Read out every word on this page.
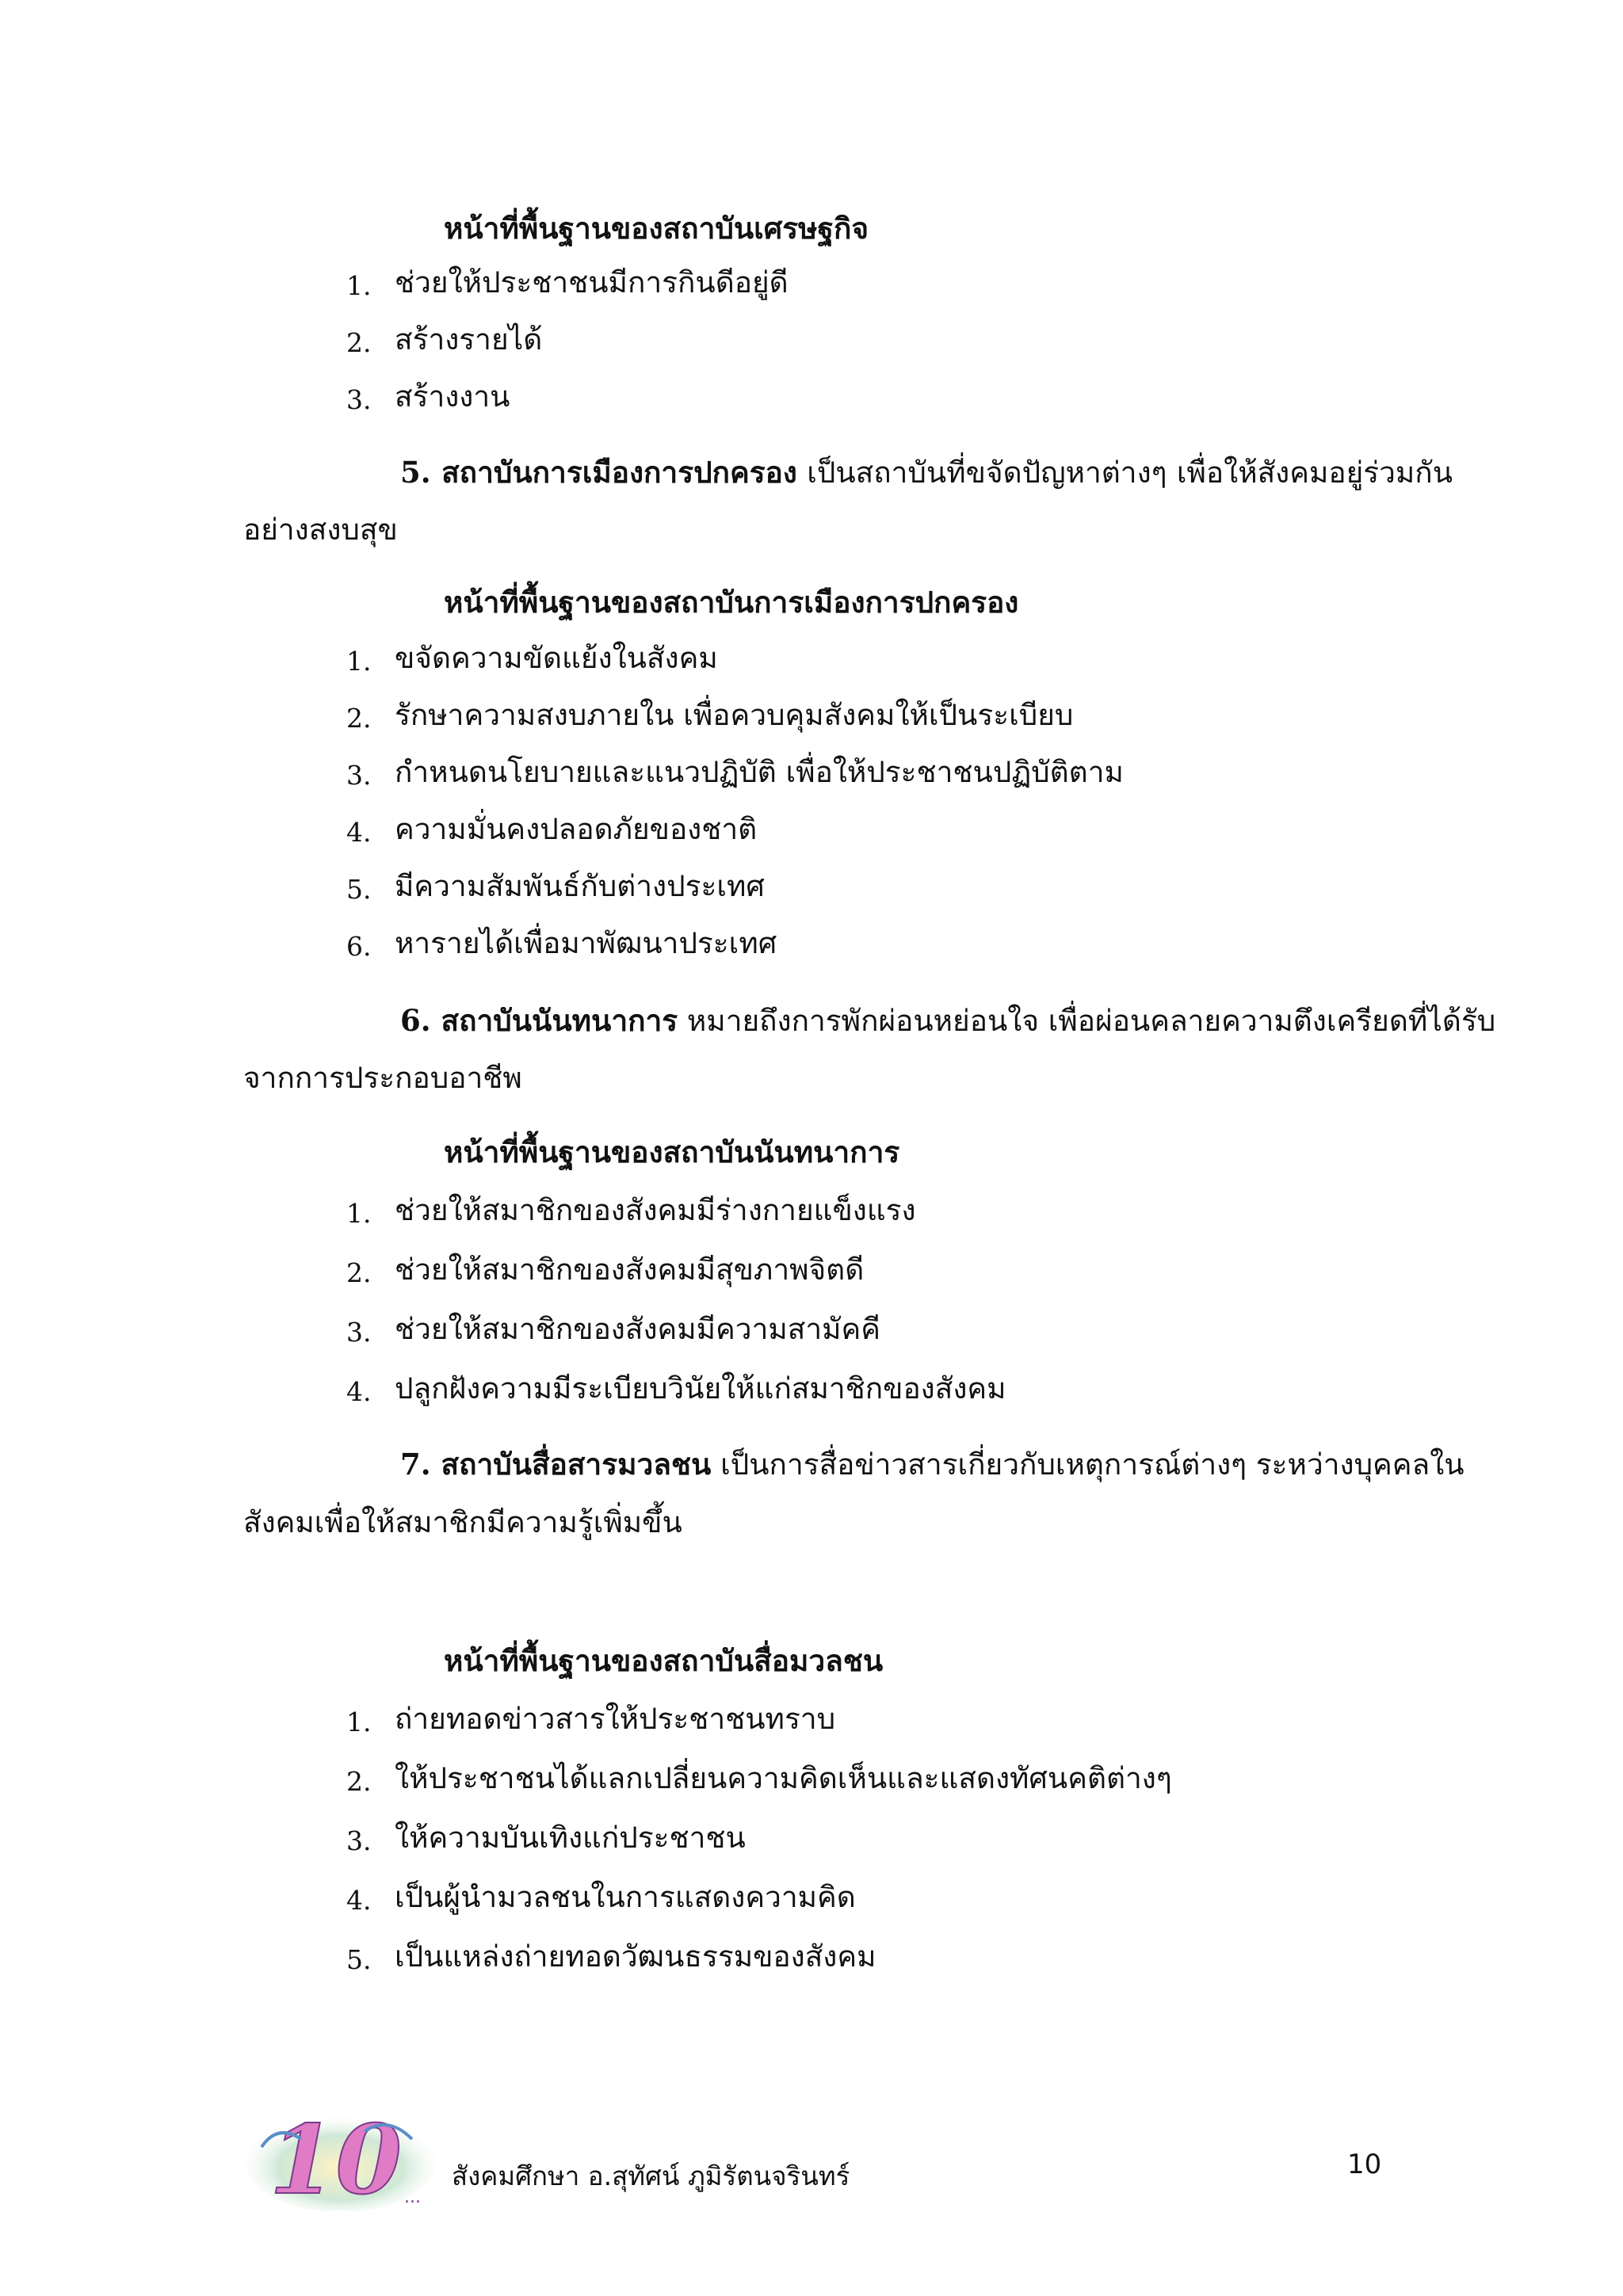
หน้าที่พื้นฐานของสถาบันเศรษฐกิจ
1. ช่วยให้ประชาชนมีการกินดีอยู่ดี
2. สร้างรายได้
3. สร้างงาน
5. สถาบันการเมืองการปกครอง เป็นสถาบันที่ขจัดปัญหาต่างๆ เพื่อให้สังคมอยู่ร่วมกัน
อย่างสงบสุข
หน้าที่พื้นฐานของสถาบันการเมืองการปกครอง
1. ขจัดความขัดแย้งในสังคม
2. รักษาความสงบภายใน เพื่อควบคุมสังคมให้เป็นระเบียบ
3. กำหนดนโยบายและแนวปฏิบัติ เพื่อให้ประชาชนปฏิบัติตาม
4. ความมั่นคงปลอดภัยของชาติ
5. มีความสัมพันธ์กับต่างประเทศ
6. หารายได้เพื่อมาพัฒนาประเทศ
6. สถาบันนันทนาการ หมายถึงการพักผ่อนหย่อนใจ เพื่อผ่อนคลายความตึงเครียดที่ได้รับ
จากการประกอบอาชีพ
หน้าที่พื้นฐานของสถาบันนันทนาการ
1. ช่วยให้สมาชิกของสังคมมีร่างกายแข็งแรง
2. ช่วยให้สมาชิกของสังคมมีสุขภาพจิตดี
3. ช่วยให้สมาชิกของสังคมมีความสามัคคี
4. ปลูกฝังความมีระเบียบวินัยให้แก่สมาชิกของสังคม
7. สถาบันสื่อสารมวลชน เป็นการสื่อข่าวสารเกี่ยวกับเหตุการณ์ต่างๆ ระหว่างบุคคลใน
สังคมเพื่อให้สมาชิกมีความรู้เพิ่มขึ้น
หน้าที่พื้นฐานของสถาบันสื่อมวลชน
1. ถ่ายทอดข่าวสารให้ประชาชนทราบ
2. ให้ประชาชนได้แลกเปลี่ยนความคิดเห็นและแสดงทัศนคติต่างๆ
3. ให้ความบันเทิงแก่ประชาชน
4. เป็นผู้นำมวลชนในการแสดงความคิด
5. เป็นแหล่งถ่ายทอดวัฒนธรรมของสังคม
10 ...
สังคมศึกษา อ.สุทัศน์ ภูมิรัตนจรินทร์	10
